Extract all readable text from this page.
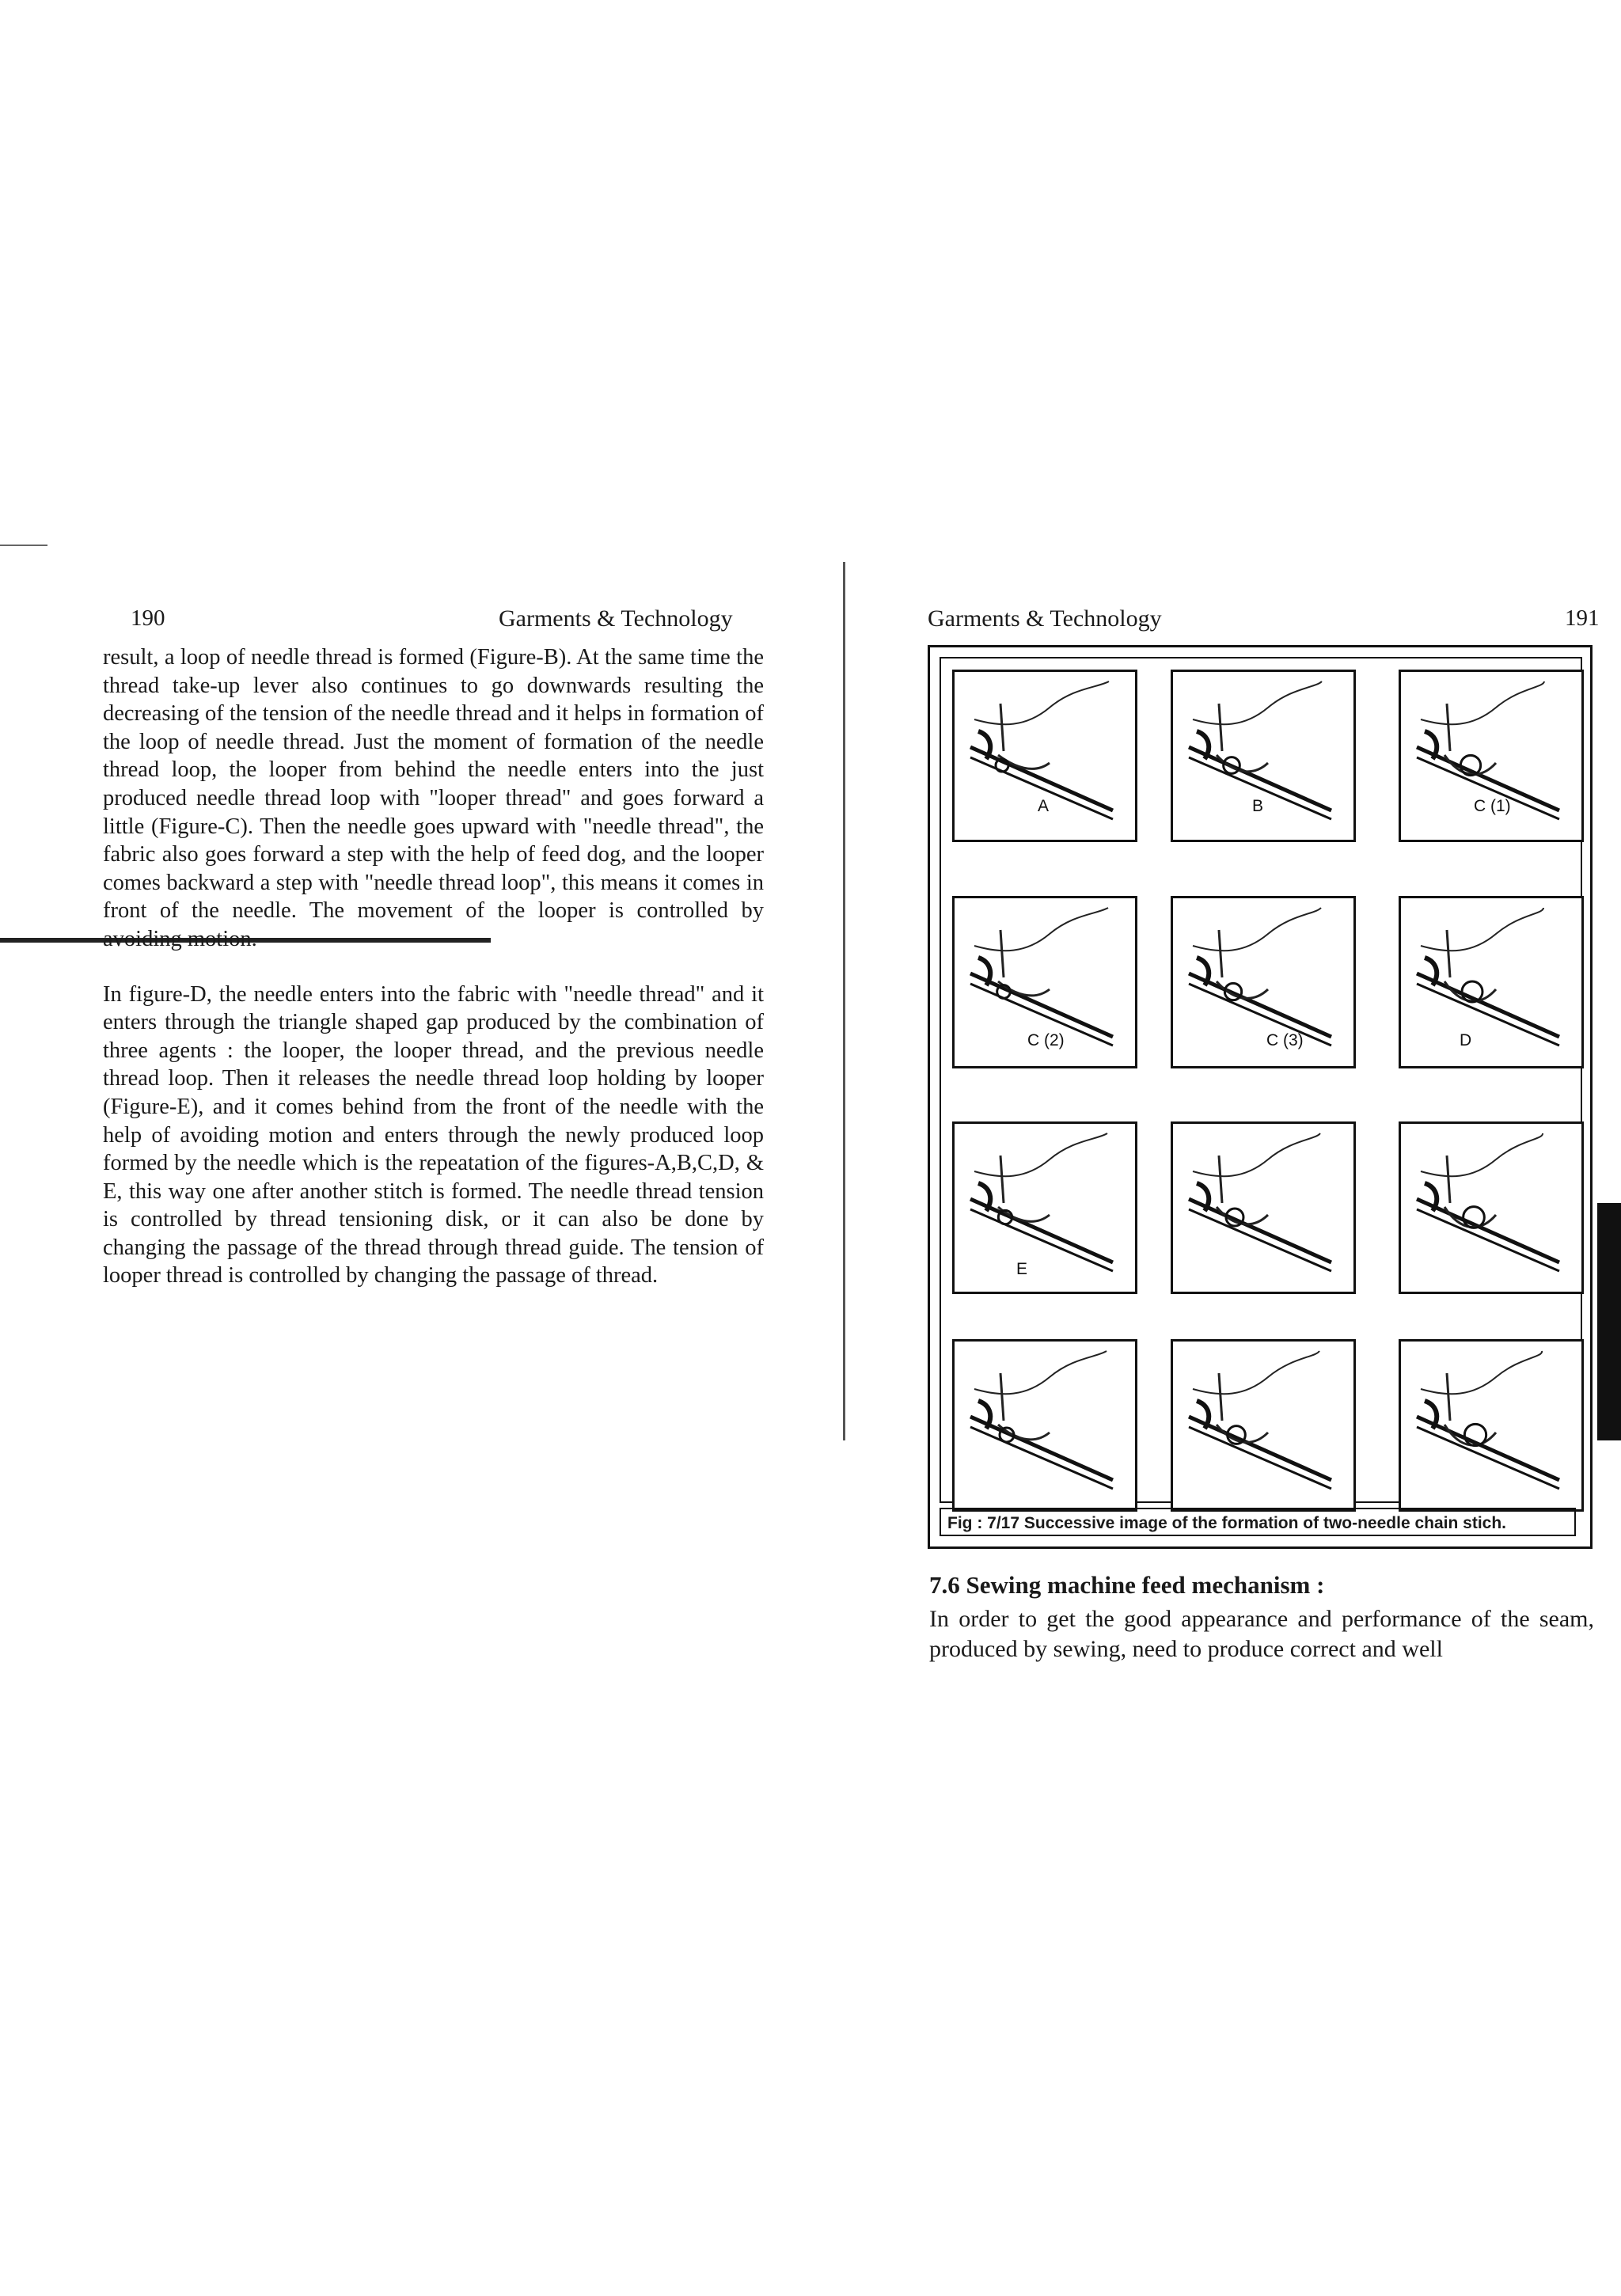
190	Garments & Technology

result, a loop of needle thread is formed (Figure-B). At the same time the thread take-up lever also continues to go downwards resulting the decreasing of the tension of the needle thread and it helps in formation of the loop of needle thread. Just the moment of formation of the needle thread loop, the looper from behind the needle enters into the just produced needle thread loop with "looper thread" and goes forward a little (Figure-C). Then the needle goes upward with "needle thread", the fabric also goes forward a step with the help of feed dog, and the looper comes backward a step with "needle thread loop", this means it comes in front of the needle. The movement of the looper is controlled by avoiding motion.

In figure-D, the needle enters into the fabric with "needle thread" and it enters through the triangle shaped gap produced by the combination of three agents : the looper, the looper thread, and the previous needle thread loop. Then it releases the needle thread loop holding by looper (Figure-E), and it comes behind from the front of the needle with the help of avoiding motion and enters through the newly produced loop formed by the needle which is the repeatation of the figures-A,B,C,D, & E, this way one after another stitch is formed. The needle thread tension is controlled by thread tensioning disk, or it can also be done by changing the passage of the thread through thread guide. The tension of looper thread is controlled by changing the passage of thread.

Garments & Technology	191
A	B	C (1)
C (2)	C (3)	D
E
Fig : 7/17 Successive image of the formation of two-needle chain stich.
7.6 Sewing machine feed mechanism :

In order to get the good appearance and performance of the seam, produced by sewing, need to produce correct and well
